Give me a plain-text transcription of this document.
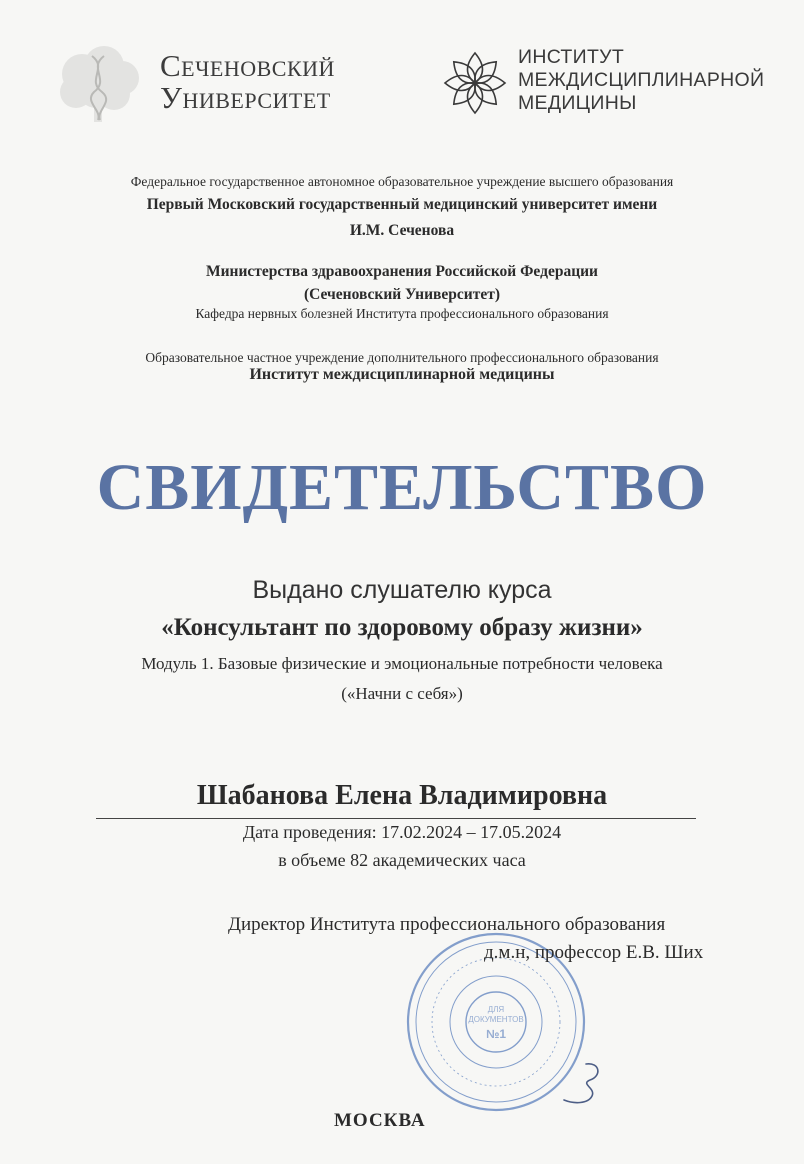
Сеченовский
Университет
ИНСТИТУТ
МЕЖДИСЦИПЛИНАРНОЙ
МЕДИЦИНЫ
Федеральное государственное автономное образовательное учреждение высшего образования
Первый Московский государственный медицинский университет имени
И.М. Сеченова
Министерства здравоохранения Российской Федерации
(Сеченовский Университет)
Кафедра нервных болезней Института профессионального образования
Образовательное частное учреждение дополнительного профессионального образования
Институт междисциплинарной медицины
СВИДЕТЕЛЬСТВО
Выдано слушателю курса
«Консультант по здоровому образу жизни»
Модуль 1. Базовые физические и эмоциональные потребности человека
(«Начни с себя»)
Шабанова Елена Владимировна
Дата проведения: 17.02.2024 – 17.05.2024
в объеме 82 академических часа
ДЛЯ
ДОКУМЕНТОВ
№1
Директор Института профессионального образования
д.м.н, профессор Е.В. Ших
МОСКВА
